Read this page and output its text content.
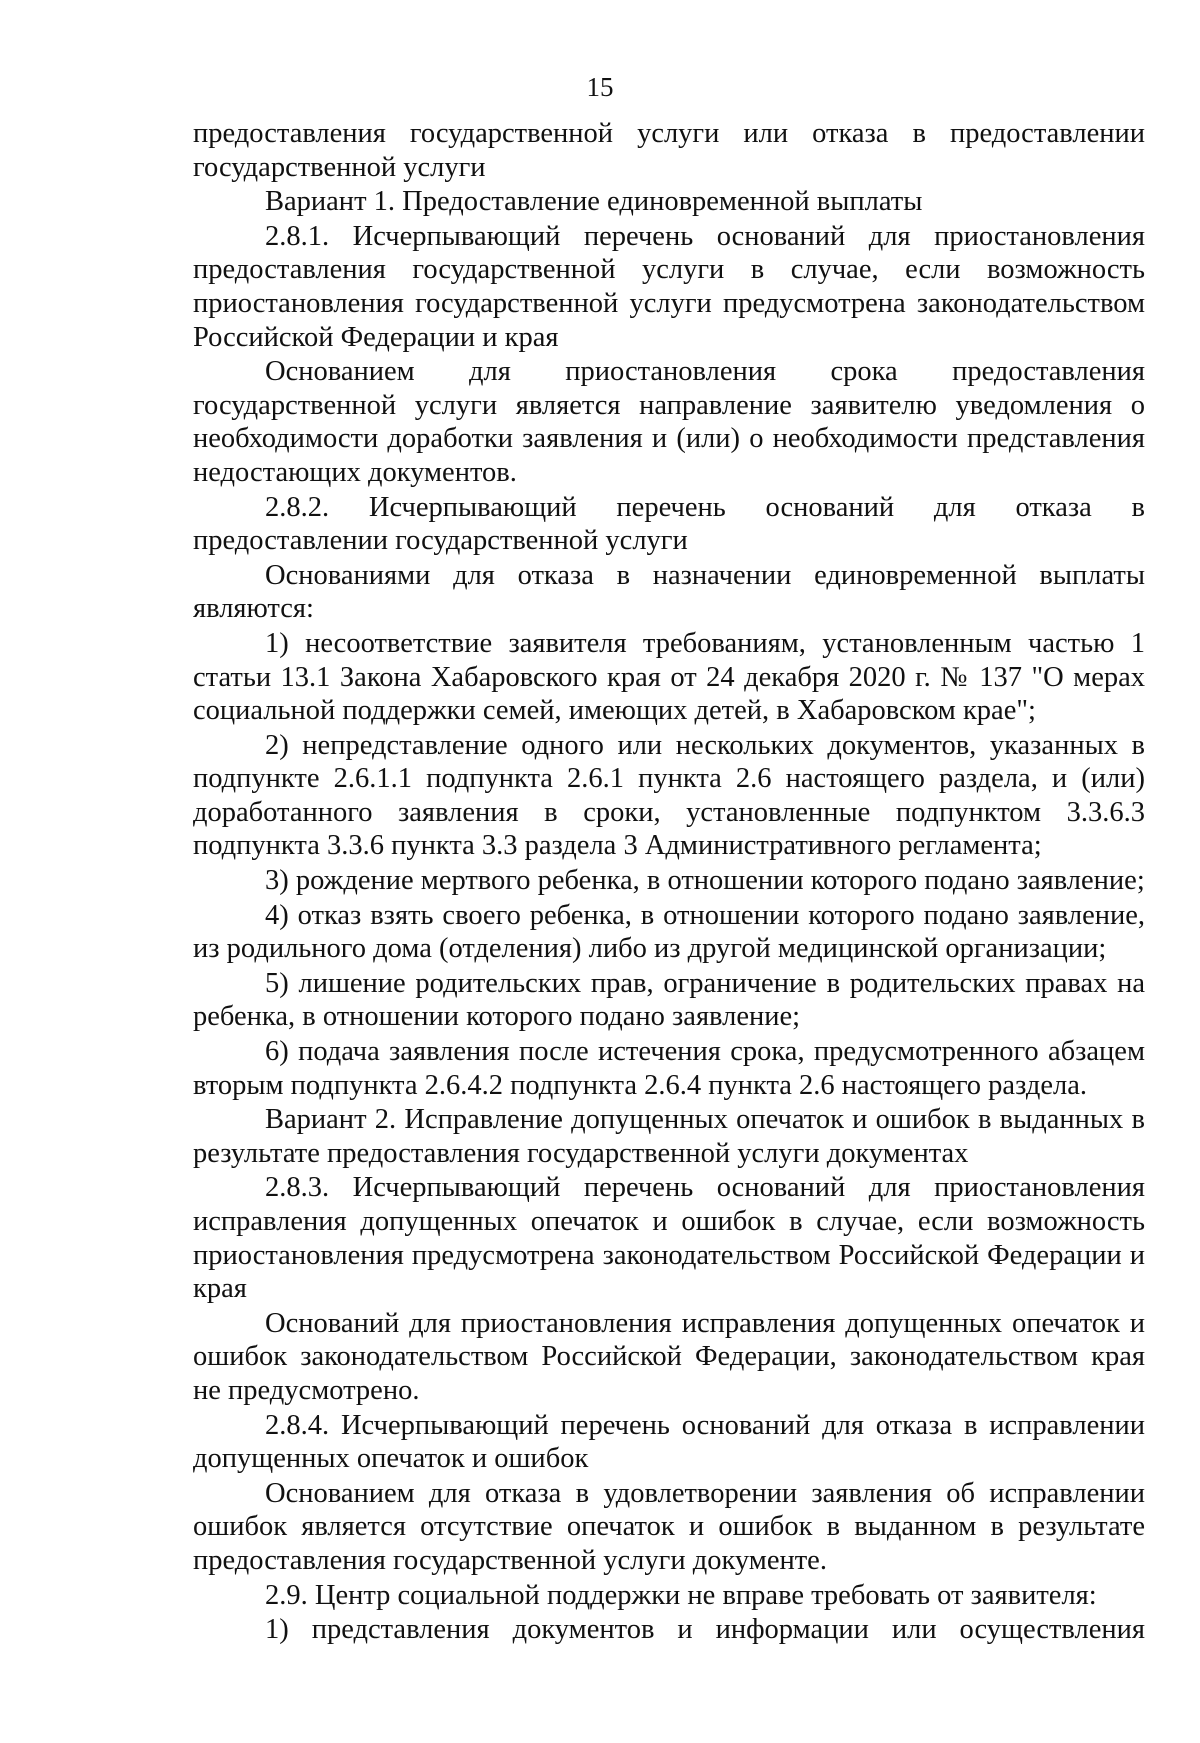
15

предоставления государственной услуги или отказа в предоставлении государственной услуги

Вариант 1. Предоставление единовременной выплаты

2.8.1. Исчерпывающий перечень оснований для приостановления предоставления государственной услуги в случае, если возможность приостановления государственной услуги предусмотрена законодательством Российской Федерации и края

Основанием для приостановления срока предоставления государственной услуги является направление заявителю уведомления о необходимости доработки заявления и (или) о необходимости представления недостающих документов.

2.8.2. Исчерпывающий перечень оснований для отказа в предоставлении государственной услуги

Основаниями для отказа в назначении единовременной выплаты являются:

1) несоответствие заявителя требованиям, установленным частью 1 статьи 13.1 Закона Хабаровского края от 24 декабря 2020 г. № 137 "О мерах социальной поддержки семей, имеющих детей, в Хабаровском крае";

2) непредставление одного или нескольких документов, указанных в подпункте 2.6.1.1 подпункта 2.6.1 пункта 2.6 настоящего раздела, и (или) доработанного заявления в сроки, установленные подпунктом 3.3.6.3 подпункта 3.3.6 пункта 3.3 раздела 3 Административного регламента;

3) рождение мертвого ребенка, в отношении которого подано заявление;

4) отказ взять своего ребенка, в отношении которого подано заявление, из родильного дома (отделения) либо из другой медицинской организации;

5) лишение родительских прав, ограничение в родительских правах на ребенка, в отношении которого подано заявление;

6) подача заявления после истечения срока, предусмотренного абзацем вторым подпункта 2.6.4.2 подпункта 2.6.4 пункта 2.6 настоящего раздела.

Вариант 2. Исправление допущенных опечаток и ошибок в выданных в результате предоставления государственной услуги документах

2.8.3. Исчерпывающий перечень оснований для приостановления исправления допущенных опечаток и ошибок в случае, если возможность приостановления предусмотрена законодательством Российской Федерации и края

Оснований для приостановления исправления допущенных опечаток и ошибок законодательством Российской Федерации, законодательством края не предусмотрено.

2.8.4. Исчерпывающий перечень оснований для отказа в исправлении допущенных опечаток и ошибок

Основанием для отказа в удовлетворении заявления об исправлении ошибок является отсутствие опечаток и ошибок в выданном в результате предоставления государственной услуги документе.

2.9. Центр социальной поддержки не вправе требовать от заявителя:

1) представления документов и информации или осуществления
